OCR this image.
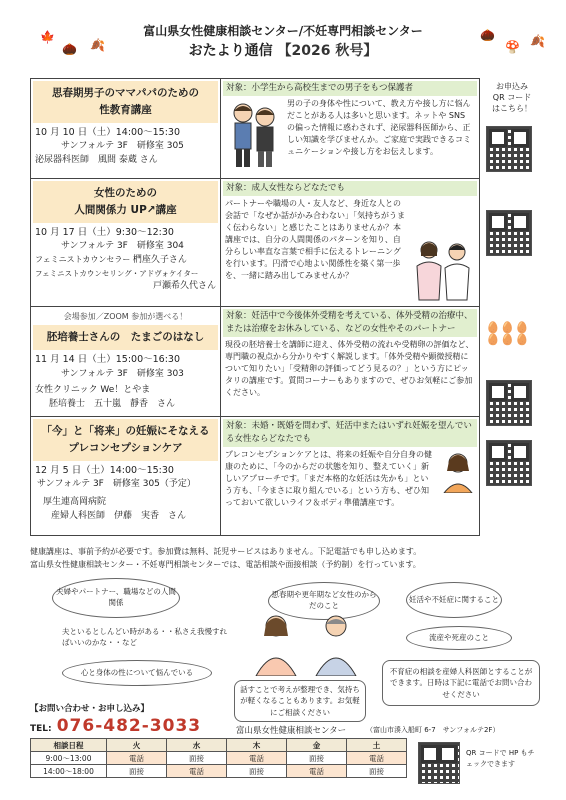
🍁
🌰 🍂
🌰
🍄 🍂
富山県女性健康相談センター/不妊専門相談センター
おたより通信 【2026 秋号】
思春期男子のママパパのための
性教育講座
10 月 10 日（土）14:00～15:30
サンフォルテ 3F　研修室 305
泌尿器科医師　風間 泰蔵 さん
対象：小学生から高校生までの男子をもつ保護者
男の子の身体や性について、教え方や接し方に悩んだことがある人は多いと思います。ネットや SNS の偏った情報に惑わされず、泌尿器科医師から、正しい知識を学びませんか。ご家庭で実践できるコミュニケーションや接し方をお伝えします。
女性のための
人間関係力 UP↗講座
10 月 17 日（土）9:30～12:30
サンフォルテ 3F　研修室 304
フェミニストカウンセラー 椚座久子さん
フェミニストカウンセリング・アドヴォケイター
戸瀬希久代さん
対象：成人女性ならどなたでも
パートナーや職場の人・友人など、身近な人との会話で「なぜか話がかみ合わない」「気持ちがうまく伝わらない」と感じたことはありませんか？本講座では、自分の人間関係のパターンを知り、自分らしい率直な言葉で相手に伝えるトレーニングを行います。円滑で心地よい関係性を築く第一歩を、一緒に踏み出してみませんか？
会場参加／ZOOM 参加が選べる！
胚培養士さんの　たまごのはなし
11 月 14 日（土）15:00～16:30
サンフォルテ 3F　研修室 303
女性クリニック We！とやま
胚培養士　五十嵐　靜香　さん
対象：妊活中で今後体外受精を考えている、体外受精の治療中、または治療をお休みしている、などの女性やそのパートナー
現役の胚培養士を講師に迎え、体外受精の流れや受精卵の評価など、専門職の視点から分かりやすく解説します。「体外受精や顕微授精について知りたい」「受精卵の評価ってどう見るの？」という方にピッタリの講座です。質問コーナーもありますので、ぜひお気軽にご参加ください。
「今」と「将来」の妊娠にそなえる
プレコンセプションケア
12 月 5 日（土）14:00～15:30
サンフォルテ 3F　研修室 305（予定）
厚生連高岡病院
産婦人科医師　伊藤　実香　さん
対象：未婚・既婚を問わず、妊活中またはいずれ妊娠を望んでいる女性ならどなたでも
プレコンセプションケアとは、将来の妊娠や自分自身の健康のために、「今のからだの状態を知り、整えていく」新しいアプローチです。「まだ本格的な妊活は先かも」という方も、「今まさに取り組んでいる」という方も、ぜひ知っておいて欲しいライフ＆ボディ準備講座です。
お申込み
QR コード
はこちら！
🥚🥚🥚
🥚🥚🥚
健康講座は、事前予約が必要です。参加費は無料、託児サービスはありません。下記電話でも申し込めます。
富山県女性健康相談センター・不妊専門相談センターでは、電話相談や面接相談（予約制）を行っています。
夫婦やパートナー、職場などの人間関係
思春期や更年期など女性のからだのこと
妊活や不妊症に関すること
夫といるとしんどい時がある・・私さえ我慢すればいいのかな・・など
流産や死産のこと
心と身体の性について悩んでいる
話すことで考えが整理でき、気持ちが軽くなることもあります。お気軽にご相談ください
不育症の相談を産婦人科医師とすることができます。日時は下記に電話でお問い合わせください
【お問い合わせ・お申し込み】
TEL: 076-482-3033	富山県女性健康相談センター	（富山市湊入船町 6-7　サンフォルテ2F）
相談日程	火	水	木	金	土
9:00～13:00	電話	面接	電話	面接	電話
14:00～18:00	面接	電話	面接	電話	面接
QR コードで HP もチェックできます
